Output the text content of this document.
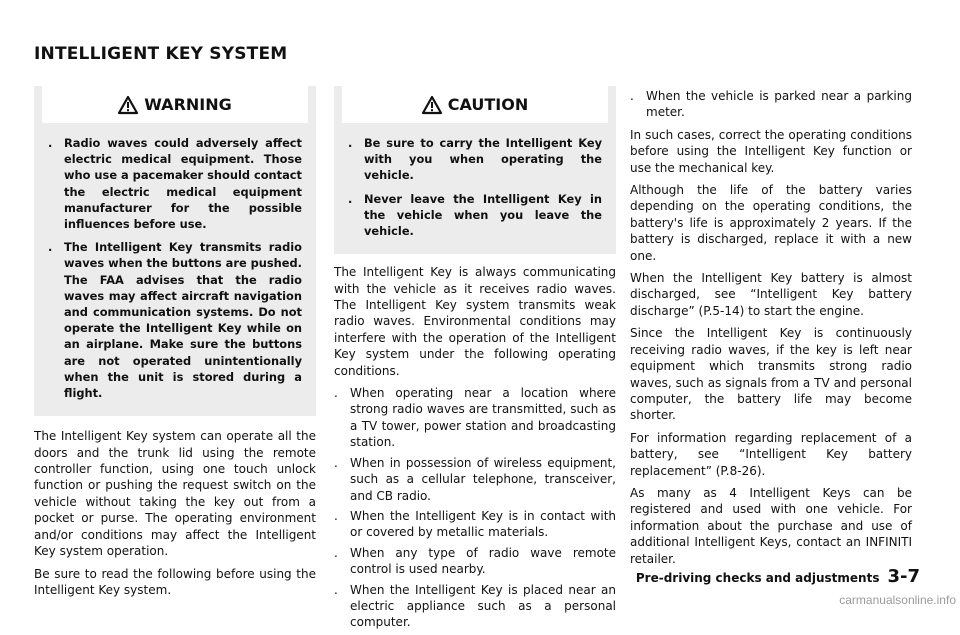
INTELLIGENT KEY SYSTEM
WARNING
. Radio waves could adversely affect electric medical equipment. Those who use a pacemaker should contact the electric medical equipment manufacturer for the possible influences before use.
. The Intelligent Key transmits radio waves when the buttons are pushed. The FAA advises that the radio waves may affect aircraft navigation and communication systems. Do not operate the Intelligent Key while on an airplane. Make sure the buttons are not operated unintentionally when the unit is stored during a flight.

The Intelligent Key system can operate all the doors and the trunk lid using the remote controller function, using one touch unlock function or pushing the request switch on the vehicle without taking the key out from a pocket or purse. The operating environment and/or conditions may affect the Intelligent Key system operation.

Be sure to read the following before using the Intelligent Key system.

CAUTION
. Be sure to carry the Intelligent Key with you when operating the vehicle.
. Never leave the Intelligent Key in the vehicle when you leave the vehicle.

The Intelligent Key is always communicating with the vehicle as it receives radio waves. The Intelligent Key system transmits weak radio waves. Environmental conditions may interfere with the operation of the Intelligent Key system under the following operating conditions.

. When operating near a location where strong radio waves are transmitted, such as a TV tower, power station and broadcasting station.
. When in possession of wireless equipment, such as a cellular telephone, transceiver, and CB radio.
. When the Intelligent Key is in contact with or covered by metallic materials.
. When any type of radio wave remote control is used nearby.
. When the Intelligent Key is placed near an electric appliance such as a personal computer.
. When the vehicle is parked near a parking meter.

In such cases, correct the operating conditions before using the Intelligent Key function or use the mechanical key.

Although the life of the battery varies depending on the operating conditions, the battery's life is approximately 2 years. If the battery is discharged, replace it with a new one.

When the Intelligent Key battery is almost discharged, see “Intelligent Key battery discharge” (P.5-14) to start the engine.

Since the Intelligent Key is continuously receiving radio waves, if the key is left near equipment which transmits strong radio waves, such as signals from a TV and personal computer, the battery life may become shorter.

For information regarding replacement of a battery, see “Intelligent Key battery replacement” (P.8-26).

As many as 4 Intelligent Keys can be registered and used with one vehicle. For information about the purchase and use of additional Intelligent Keys, contact an INFINITI retailer.

Pre-driving checks and adjustments 3-7
carmanualsonline.info
